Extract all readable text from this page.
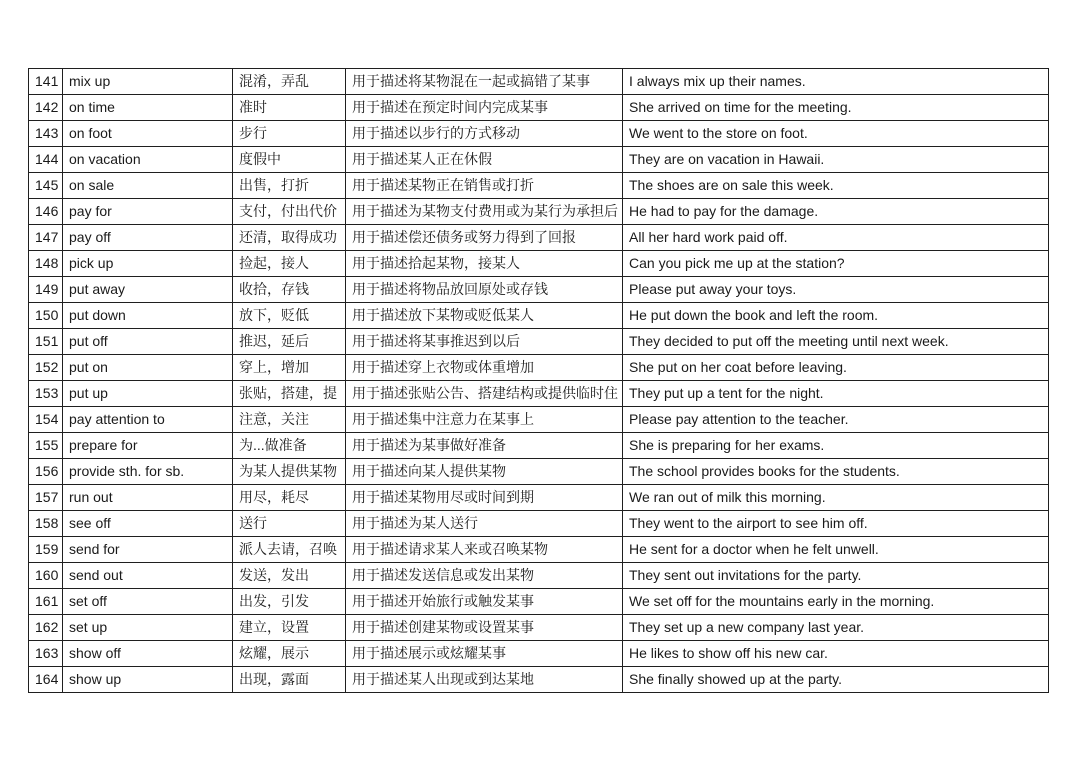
141	mix up	混淆，弄乱	用于描述将某物混在一起或搞错了某事	I always mix up their names.
142	on time	准时	用于描述在预定时间内完成某事	She arrived on time for the meeting.
143	on foot	步行	用于描述以步行的方式移动	We went to the store on foot.
144	on vacation	度假中	用于描述某人正在休假	They are on vacation in Hawaii.
145	on sale	出售，打折	用于描述某物正在销售或打折	The shoes are on sale this week.
146	pay for	支付，付出代价	用于描述为某物支付费用或为某行为承担后	He had to pay for the damage.
147	pay off	还清，取得成功	用于描述偿还债务或努力得到了回报	All her hard work paid off.
148	pick up	捡起，接人	用于描述拾起某物，接某人	Can you pick me up at the station?
149	put away	收拾，存钱	用于描述将物品放回原处或存钱	Please put away your toys.
150	put down	放下，贬低	用于描述放下某物或贬低某人	He put down the book and left the room.
151	put off	推迟，延后	用于描述将某事推迟到以后	They decided to put off the meeting until next week.
152	put on	穿上，增加	用于描述穿上衣物或体重增加	She put on her coat before leaving.
153	put up	张贴，搭建，提	用于描述张贴公告、搭建结构或提供临时住	They put up a tent for the night.
154	pay attention to	注意，关注	用于描述集中注意力在某事上	Please pay attention to the teacher.
155	prepare for	为...做准备	用于描述为某事做好准备	She is preparing for her exams.
156	provide sth. for sb.	为某人提供某物	用于描述向某人提供某物	The school provides books for the students.
157	run out	用尽，耗尽	用于描述某物用尽或时间到期	We ran out of milk this morning.
158	see off	送行	用于描述为某人送行	They went to the airport to see him off.
159	send for	派人去请，召唤	用于描述请求某人来或召唤某物	He sent for a doctor when he felt unwell.
160	send out	发送，发出	用于描述发送信息或发出某物	They sent out invitations for the party.
161	set off	出发，引发	用于描述开始旅行或触发某事	We set off for the mountains early in the morning.
162	set up	建立，设置	用于描述创建某物或设置某事	They set up a new company last year.
163	show off	炫耀，展示	用于描述展示或炫耀某事	He likes to show off his new car.
164	show up	出现，露面	用于描述某人出现或到达某地	She finally showed up at the party.
